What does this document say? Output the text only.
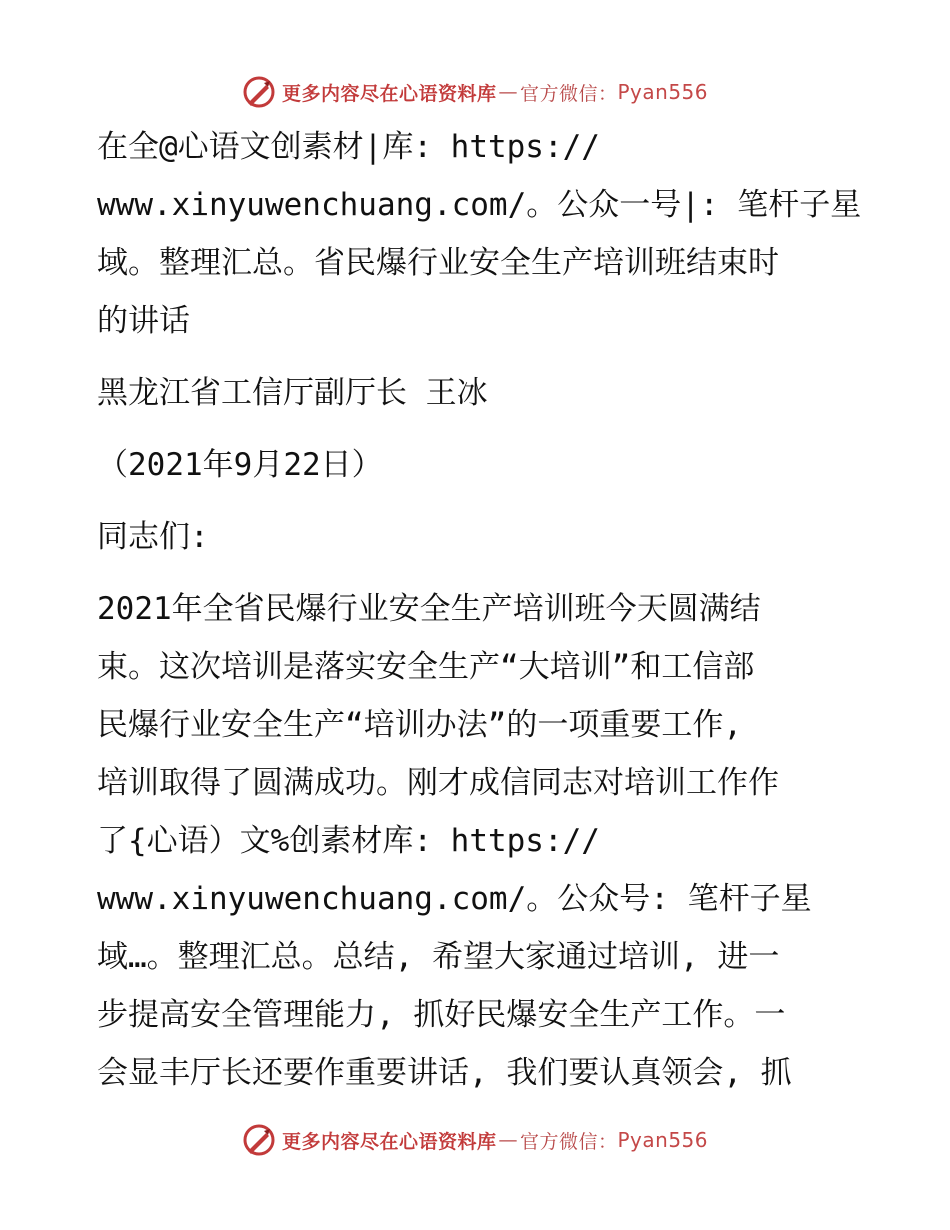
更多内容尽在心语资料库 — 官方微信： Pyan556
在全@心语文创素材|库: https://
www.xinyuwenchuang.com/。公众一号|: 笔杆子星
域。整理汇总。省民爆行业安全生产培训班结束时
的讲话
黑龙江省工信厅副厅长 王冰
（2021年9月22日）
同志们:
2021年全省民爆行业安全生产培训班今天圆满结
束。这次培训是落实安全生产“大培训”和工信部
民爆行业安全生产“培训办法”的一项重要工作,
培训取得了圆满成功。刚才成信同志对培训工作作
了{心语）文%创素材库: https://
www.xinyuwenchuang.com/。公众号: 笔杆子星
域…。整理汇总。总结, 希望大家通过培训, 进一
步提高安全管理能力, 抓好民爆安全生产工作。一
会显丰厅长还要作重要讲话, 我们要认真领会, 抓
更多内容尽在心语资料库 — 官方微信： Pyan556
